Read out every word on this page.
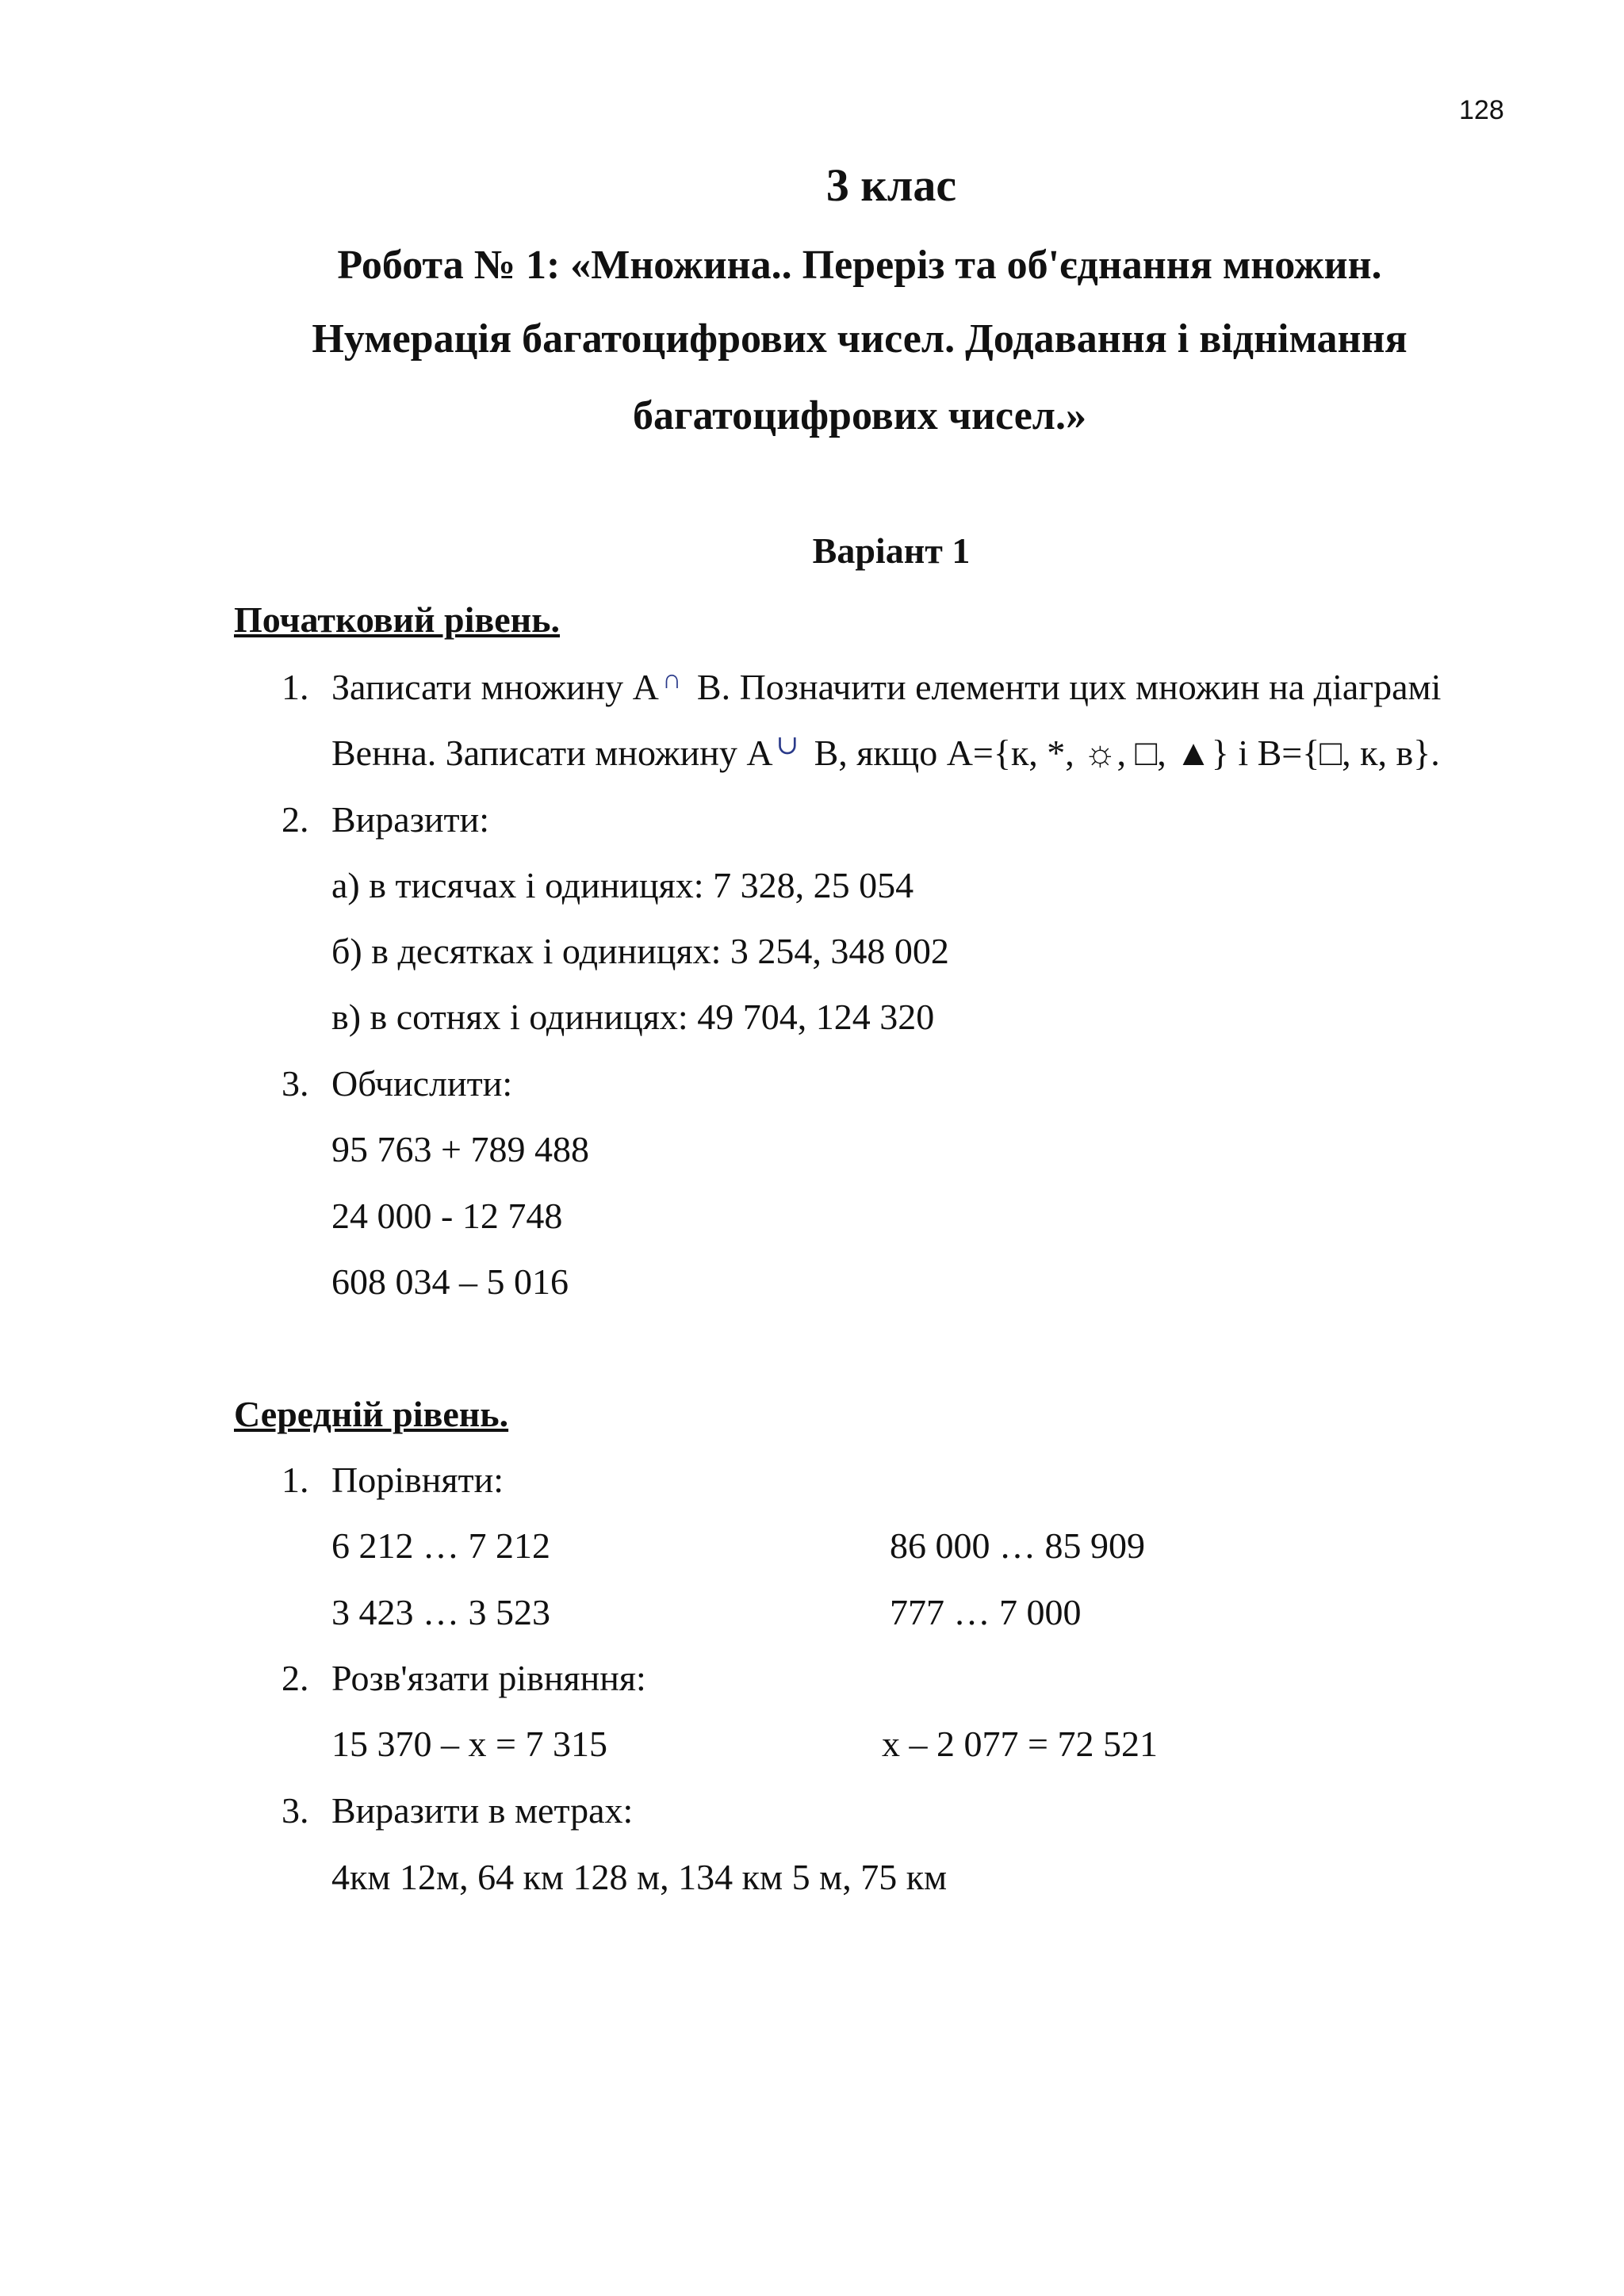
128
3 клас
Робота № 1: «Множина.. Переріз та об'єднання множин.
Нумерація багатоцифрових чисел. Додавання і віднімання
багатоцифрових чисел.»
Варіант 1
Початковий рівень.
1. Записати множину А ∩ В. Позначити елементи цих множин на діаграмі
Венна. Записати множину А ∪ В, якщо А={к, *, ☼, □, ▲} і В={□, к, в}.
2. Виразити:
а) в тисячах і одиницях: 7 328, 25 054
б) в десятках і одиницях: 3 254, 348 002
в) в сотнях і одиницях: 49 704, 124 320
3. Обчислити:
95 763 + 789 488
24 000 - 12 748
608 034 – 5 016
Середній рівень.
1. Порівняти:
6 212 … 7 212	86 000 … 85 909
3 423 … 3 523	777 … 7 000
2. Розв'язати рівняння:
15 370 – х = 7 315	х – 2 077 = 72 521
3. Виразити в метрах:
4км 12м, 64 км 128 м, 134 км 5 м, 75 км
